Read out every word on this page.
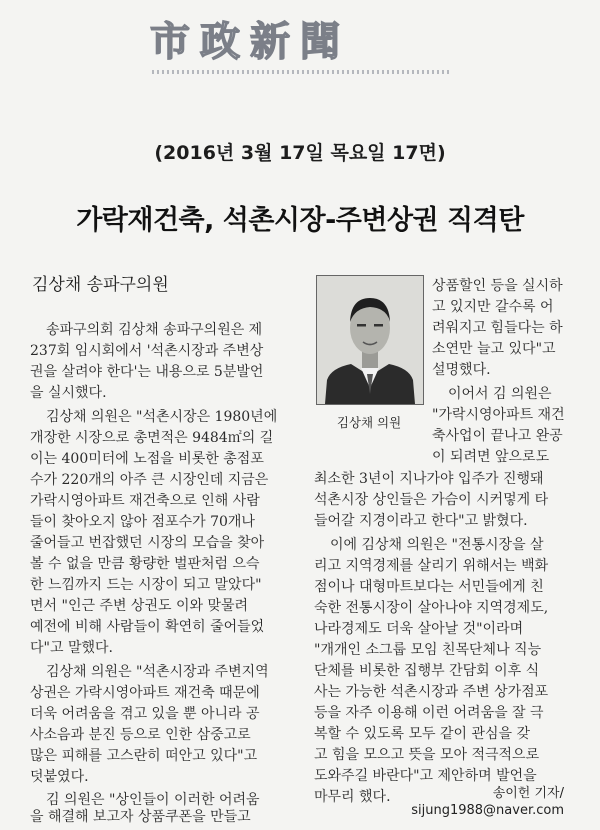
市政新聞
(2016년 3월 17일 목요일 17면)
가락재건축, 석촌시장-주변상권 직격탄
김상채 송파구의원
김상채 의원
송파구의회 김상채 송파구의원은 제
237회 임시회에서 '석촌시장과 주변상
권을 살려야 한다'는 내용으로 5분발언
을 실시했다.
김상채 의원은 "석촌시장은 1980년에
개장한 시장으로 총면적은 9484㎡의 길
이는 400미터에 노점을 비롯한 총점포
수가 220개의 아주 큰 시장인데 지금은
가락시영아파트 재건축으로 인해 사람
들이 찾아오지 않아 점포수가 70개나
줄어들고 번잡했던 시장의 모습을 찾아
볼 수 없을 만큼 황량한 벌판처럼 으슥
한 느낌까지 드는 시장이 되고 말았다"
면서 "인근 주변 상권도 이와 맞물려
예전에 비해 사람들이 확연히 줄어들었
다"고 말했다.
김상채 의원은 "석촌시장과 주변지역
상권은 가락시영아파트 재건축 때문에
더욱 어려움을 겪고 있을 뿐 아니라 공
사소음과 분진 등으로 인한 삼중고로
많은 피해를 고스란히 떠안고 있다"고
덧붙였다.
김 의원은 "상인들이 이러한 어려움
을 해결해 보고자 상품쿠폰을 만들고
상품할인 등을 실시하
고 있지만 갈수록 어
려워지고 힘들다는 하
소연만 늘고 있다"고
설명했다.
이어서 김 의원은
"가락시영아파트 재건
축사업이 끝나고 완공
이 되려면 앞으로도
최소한 3년이 지나가야 입주가 진행돼
석촌시장 상인들은 가슴이 시커멓게 타
들어갈 지경이라고 한다"고 밝혔다.
이에 김상채 의원은 "전통시장을 살
리고 지역경제를 살리기 위해서는 백화
점이나 대형마트보다는 서민들에게 친
숙한 전통시장이 살아나야 지역경제도,
나라경제도 더욱 살아날 것"이라며
"개개인 소그룹 모임 친목단체나 직능
단체를 비롯한 집행부 간담회 이후 식
사는 가능한 석촌시장과 주변 상가점포
등을 자주 이용해 이런 어려움을 잘 극
복할 수 있도록 모두 같이 관심을 갖
고 힘을 모으고 뜻을 모아 적극적으로
도와주길 바란다"고 제안하며 발언을
마무리 했다.	송이헌 기자/
sijung1988@naver.com
